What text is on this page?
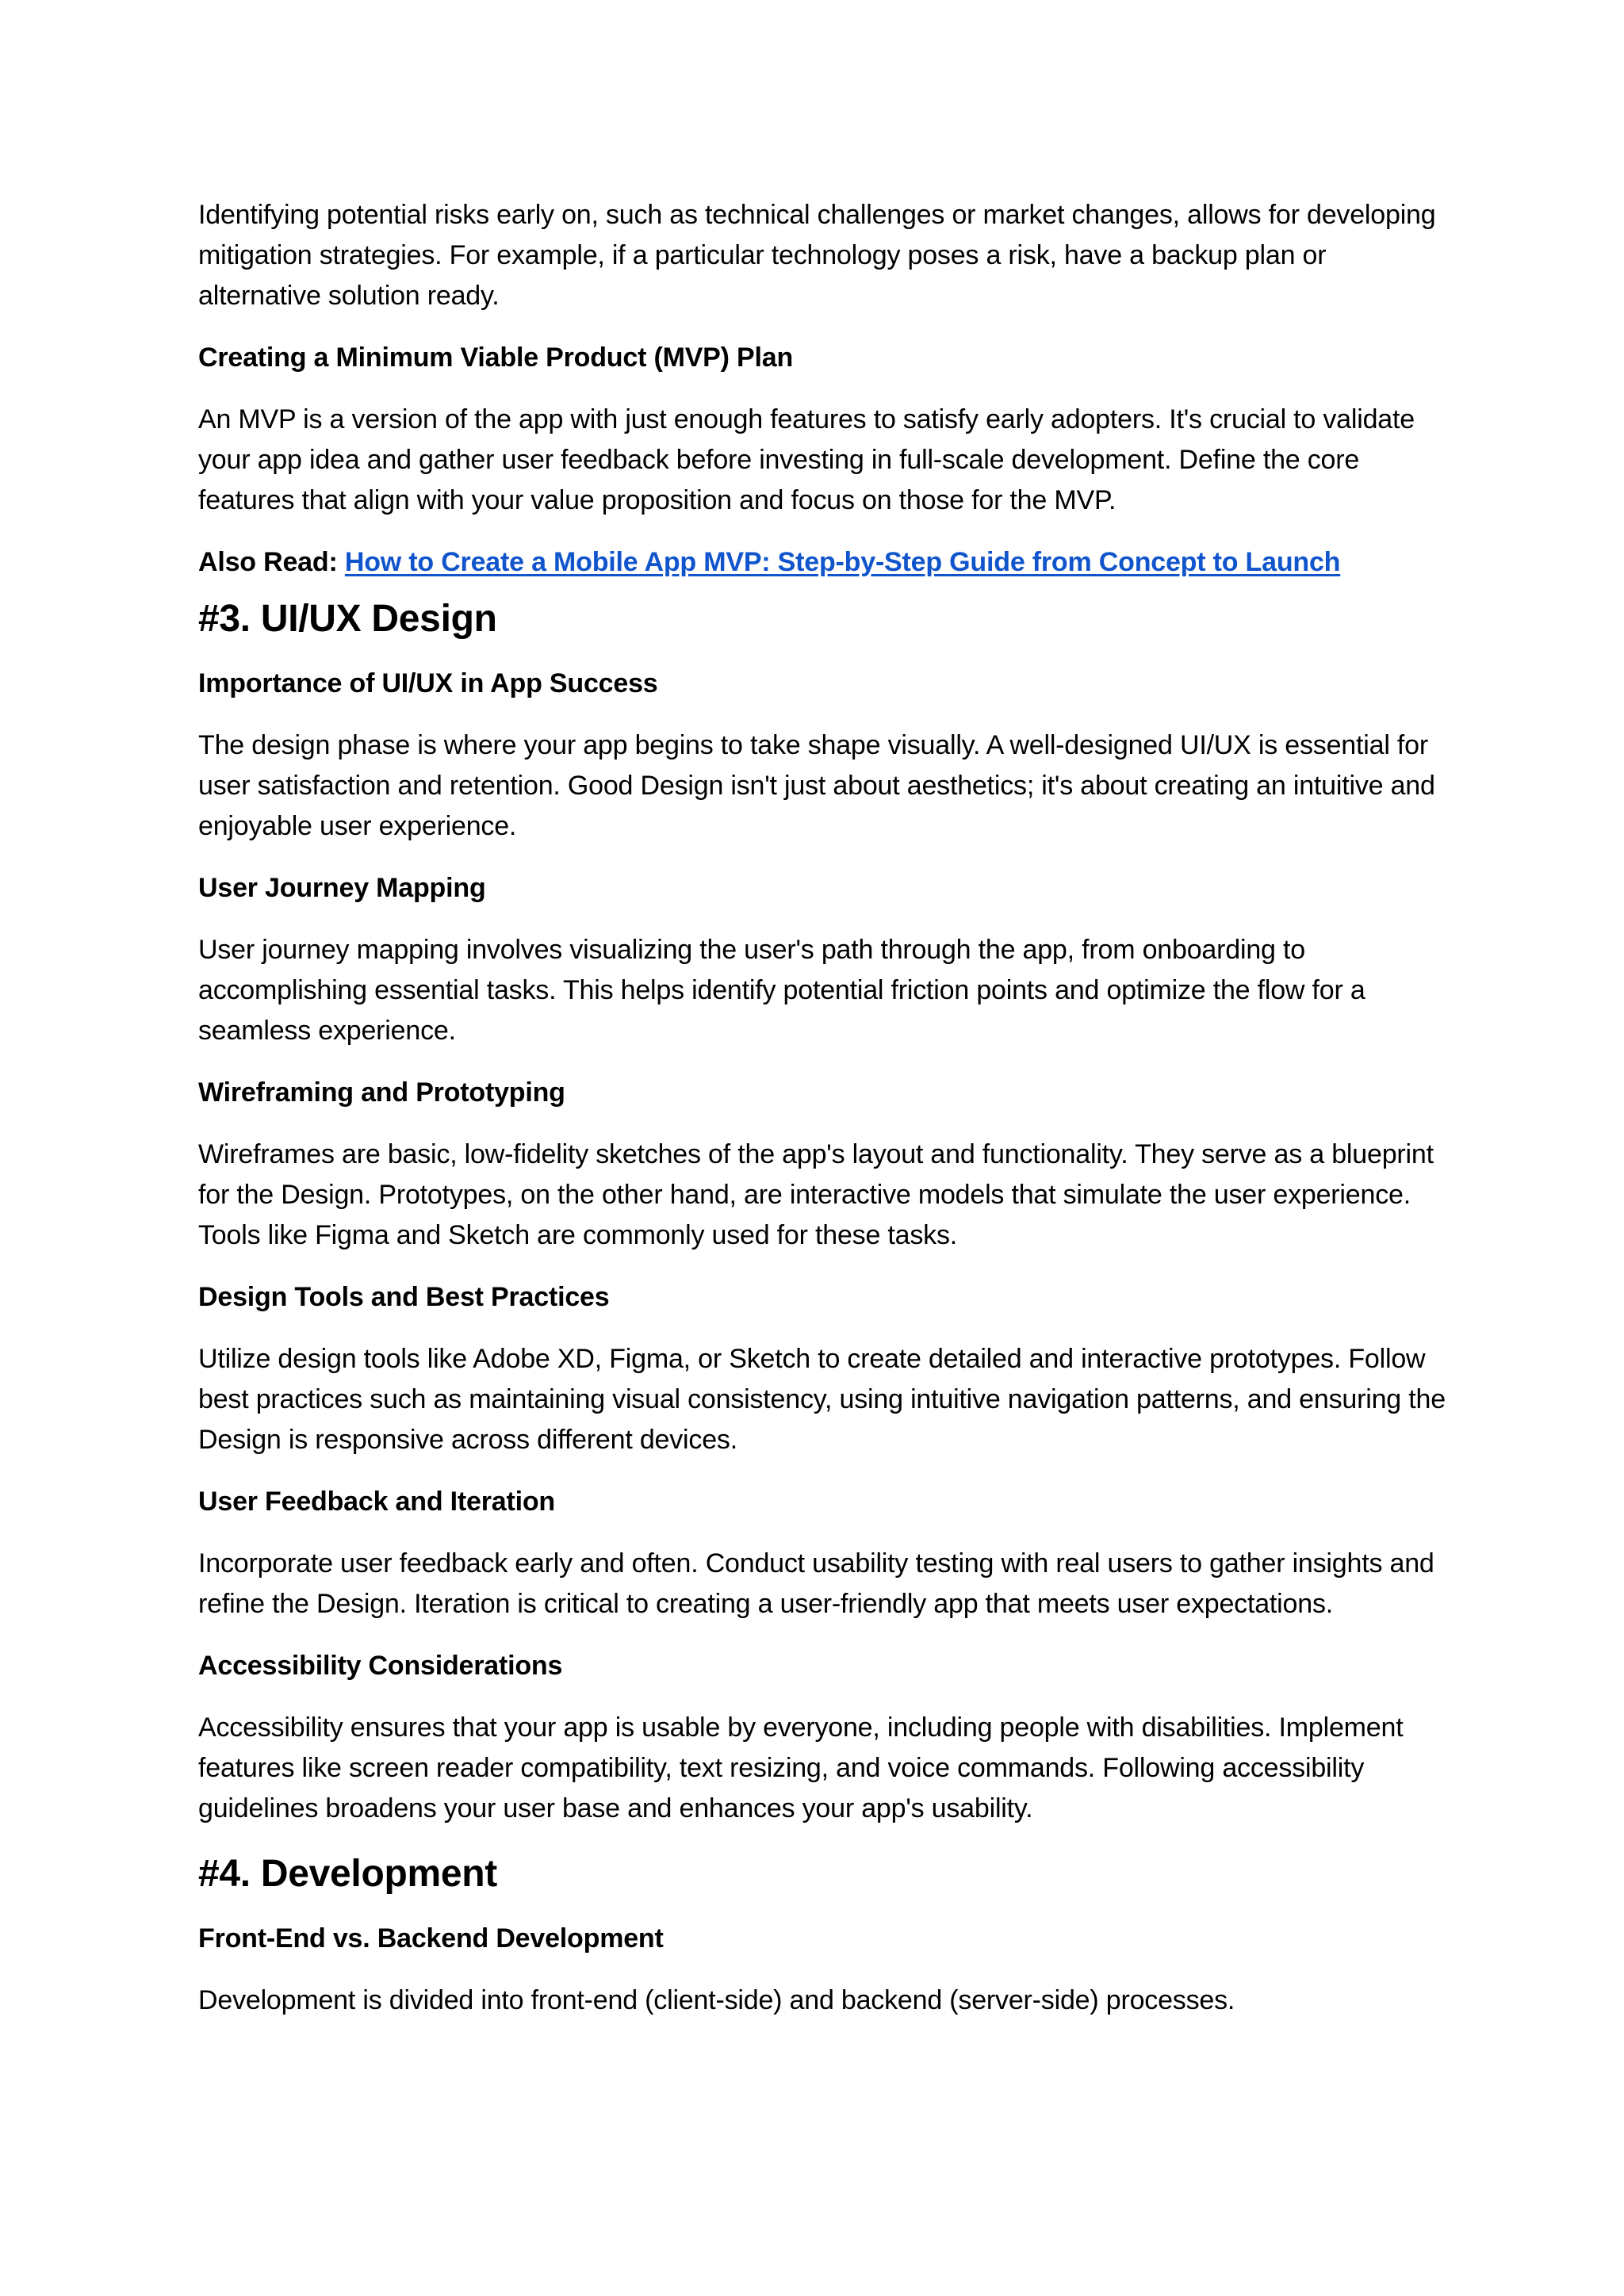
Identifying potential risks early on, such as technical challenges or market changes, allows for developing mitigation strategies. For example, if a particular technology poses a risk, have a backup plan or alternative solution ready.

Creating a Minimum Viable Product (MVP) Plan

An MVP is a version of the app with just enough features to satisfy early adopters. It's crucial to validate your app idea and gather user feedback before investing in full-scale development. Define the core features that align with your value proposition and focus on those for the MVP.

Also Read: How to Create a Mobile App MVP: Step-by-Step Guide from Concept to Launch

#3. UI/UX Design

Importance of UI/UX in App Success

The design phase is where your app begins to take shape visually. A well-designed UI/UX is essential for user satisfaction and retention. Good Design isn't just about aesthetics; it's about creating an intuitive and enjoyable user experience.

User Journey Mapping

User journey mapping involves visualizing the user's path through the app, from onboarding to accomplishing essential tasks. This helps identify potential friction points and optimize the flow for a seamless experience.

Wireframing and Prototyping

Wireframes are basic, low-fidelity sketches of the app's layout and functionality. They serve as a blueprint for the Design. Prototypes, on the other hand, are interactive models that simulate the user experience. Tools like Figma and Sketch are commonly used for these tasks.

Design Tools and Best Practices

Utilize design tools like Adobe XD, Figma, or Sketch to create detailed and interactive prototypes. Follow best practices such as maintaining visual consistency, using intuitive navigation patterns, and ensuring the Design is responsive across different devices.

User Feedback and Iteration

Incorporate user feedback early and often. Conduct usability testing with real users to gather insights and refine the Design. Iteration is critical to creating a user-friendly app that meets user expectations.

Accessibility Considerations

Accessibility ensures that your app is usable by everyone, including people with disabilities. Implement features like screen reader compatibility, text resizing, and voice commands. Following accessibility guidelines broadens your user base and enhances your app's usability.

#4. Development

Front-End vs. Backend Development

Development is divided into front-end (client-side) and backend (server-side) processes.
